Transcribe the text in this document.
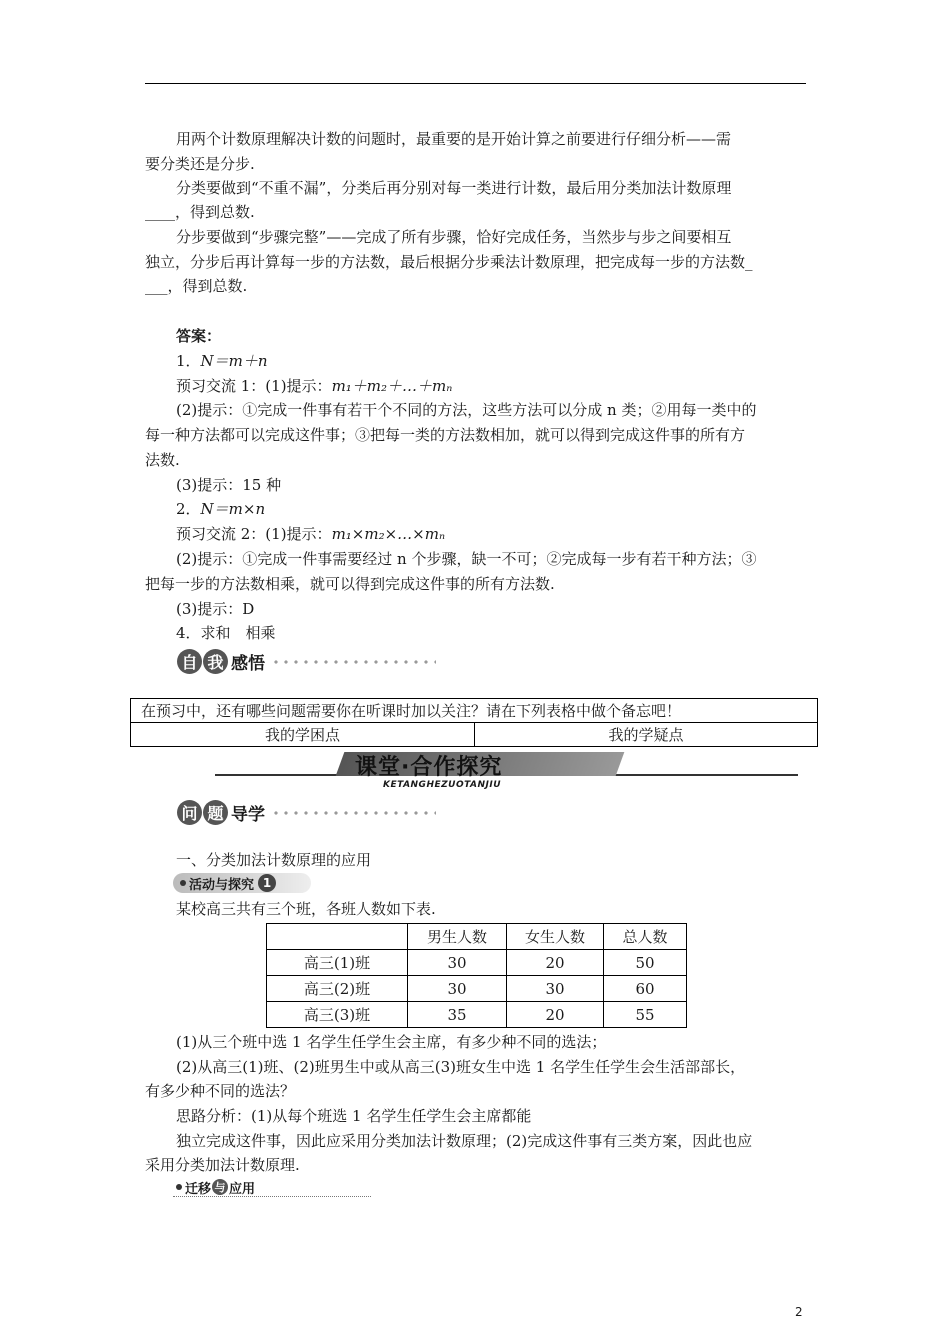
用两个计数原理解决计数的问题时，最重要的是开始计算之前要进行仔细分析——需
要分类还是分步.
分类要做到“不重不漏”，分类后再分别对每一类进行计数，最后用分类加法计数原理
____，得到总数.
分步要做到“步骤完整”——完成了所有步骤，恰好完成任务，当然步与步之间要相互
独立，分步后再计算每一步的方法数，最后根据分步乘法计数原理，把完成每一步的方法数_
___，得到总数.
答案：
1．N＝m＋n
预习交流 1：(1)提示：m₁＋m₂＋…＋mₙ
(2)提示：①完成一件事有若干个不同的方法，这些方法可以分成 n 类；②用每一类中的
每一种方法都可以完成这件事；③把每一类的方法数相加，就可以得到完成这件事的所有方
法数.
(3)提示：15 种
2．N＝m×n
预习交流 2：(1)提示：m₁×m₂×…×mₙ
(2)提示：①完成一件事需要经过 n 个步骤，缺一不可；②完成每一步有若干种方法；③
把每一步的方法数相乘，就可以得到完成这件事的所有方法数.
(3)提示：D
4．求和　相乘
自 我 感悟
在预习中，还有哪些问题需要你在听课时加以关注？请在下列表格中做个备忘吧！
我的学困点	我的学疑点
课堂·合作探究
KETANGHEZUOTANJIU
问 题 导学
一、分类加法计数原理的应用
活动与探究 1
某校高三共有三个班，各班人数如下表.
	男生人数	女生人数	总人数
高三(1)班	30	20	50
高三(2)班	30	30	60
高三(3)班	35	20	55
(1)从三个班中选 1 名学生任学生会主席，有多少种不同的选法；
(2)从高三(1)班、(2)班男生中或从高三(3)班女生中选 1 名学生任学生会生活部部长，
有多少种不同的选法？
思路分析：(1)从每个班选 1 名学生任学生会主席都能
独立完成这件事，因此应采用分类加法计数原理；(2)完成这件事有三类方案，因此也应
采用分类加法计数原理.
迁移 与 应用
2
